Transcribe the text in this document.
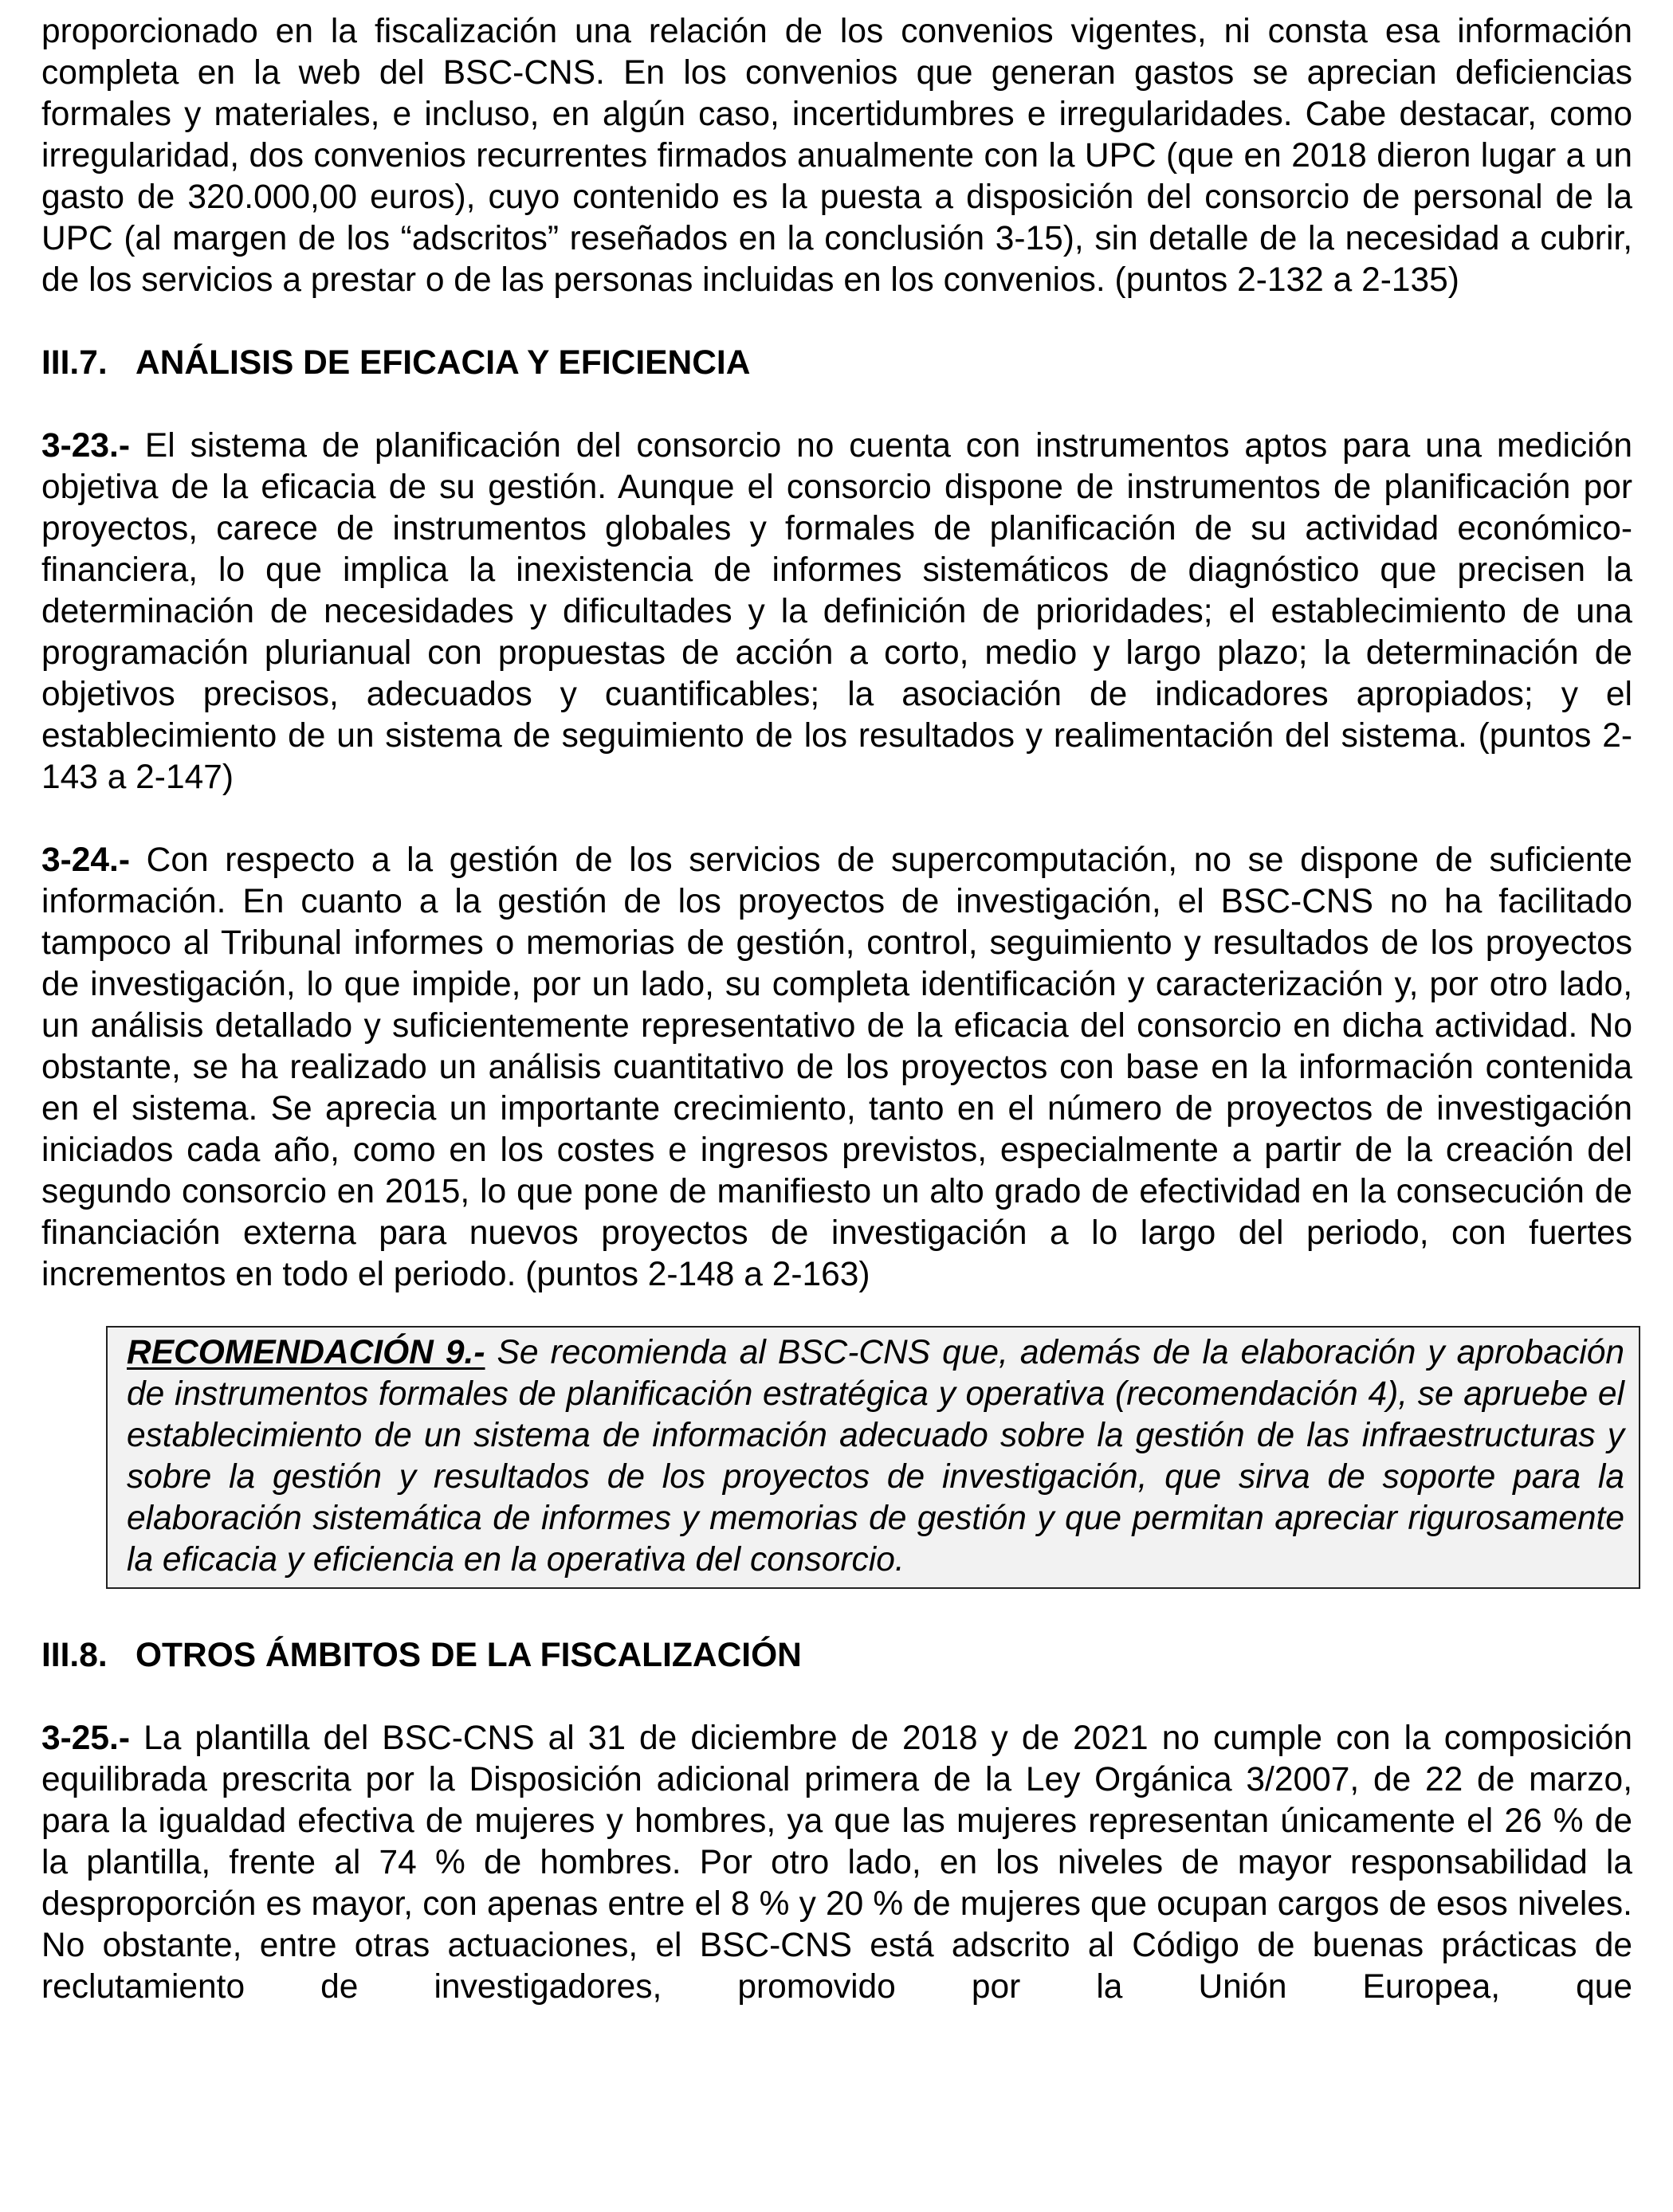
proporcionado en la fiscalización una relación de los convenios vigentes, ni consta esa información completa en la web del BSC-CNS. En los convenios que generan gastos se aprecian deficiencias formales y materiales, e incluso, en algún caso, incertidumbres e irregularidades. Cabe destacar, como irregularidad, dos convenios recurrentes firmados anualmente con la UPC (que en 2018 dieron lugar a un gasto de 320.000,00 euros), cuyo contenido es la puesta a disposición del consorcio de personal de la UPC (al margen de los “adscritos” reseñados en la conclusión 3-15), sin detalle de la necesidad a cubrir, de los servicios a prestar o de las personas incluidas en los convenios. (puntos 2-132 a 2-135)

III.7. ANÁLISIS DE EFICACIA Y EFICIENCIA

3-23.- El sistema de planificación del consorcio no cuenta con instrumentos aptos para una medición objetiva de la eficacia de su gestión. Aunque el consorcio dispone de instrumentos de planificación por proyectos, carece de instrumentos globales y formales de planificación de su actividad económico-financiera, lo que implica la inexistencia de informes sistemáticos de diagnóstico que precisen la determinación de necesidades y dificultades y la definición de prioridades; el establecimiento de una programación plurianual con propuestas de acción a corto, medio y largo plazo; la determinación de objetivos precisos, adecuados y cuantificables; la asociación de indicadores apropiados; y el establecimiento de un sistema de seguimiento de los resultados y realimentación del sistema. (puntos 2-143 a 2-147)

3-24.- Con respecto a la gestión de los servicios de supercomputación, no se dispone de suficiente información. En cuanto a la gestión de los proyectos de investigación, el BSC-CNS no ha facilitado tampoco al Tribunal informes o memorias de gestión, control, seguimiento y resultados de los proyectos de investigación, lo que impide, por un lado, su completa identificación y caracterización y, por otro lado, un análisis detallado y suficientemente representativo de la eficacia del consorcio en dicha actividad. No obstante, se ha realizado un análisis cuantitativo de los proyectos con base en la información contenida en el sistema. Se aprecia un importante crecimiento, tanto en el número de proyectos de investigación iniciados cada año, como en los costes e ingresos previstos, especialmente a partir de la creación del segundo consorcio en 2015, lo que pone de manifiesto un alto grado de efectividad en la consecución de financiación externa para nuevos proyectos de investigación a lo largo del periodo, con fuertes incrementos en todo el periodo. (puntos 2-148 a 2-163)

RECOMENDACIÓN 9.- Se recomienda al BSC-CNS que, además de la elaboración y aprobación de instrumentos formales de planificación estratégica y operativa (recomendación 4), se apruebe el establecimiento de un sistema de información adecuado sobre la gestión de las infraestructuras y sobre la gestión y resultados de los proyectos de investigación, que sirva de soporte para la elaboración sistemática de informes y memorias de gestión y que permitan apreciar rigurosamente la eficacia y eficiencia en la operativa del consorcio.

III.8. OTROS ÁMBITOS DE LA FISCALIZACIÓN

3-25.- La plantilla del BSC-CNS al 31 de diciembre de 2018 y de 2021 no cumple con la composición equilibrada prescrita por la Disposición adicional primera de la Ley Orgánica 3/2007, de 22 de marzo, para la igualdad efectiva de mujeres y hombres, ya que las mujeres representan únicamente el 26 % de la plantilla, frente al 74 % de hombres. Por otro lado, en los niveles de mayor responsabilidad la desproporción es mayor, con apenas entre el 8 % y 20 % de mujeres que ocupan cargos de esos niveles. No obstante, entre otras actuaciones, el BSC-CNS está adscrito al Código de buenas prácticas de reclutamiento de investigadores, promovido por la Unión Europea, que
